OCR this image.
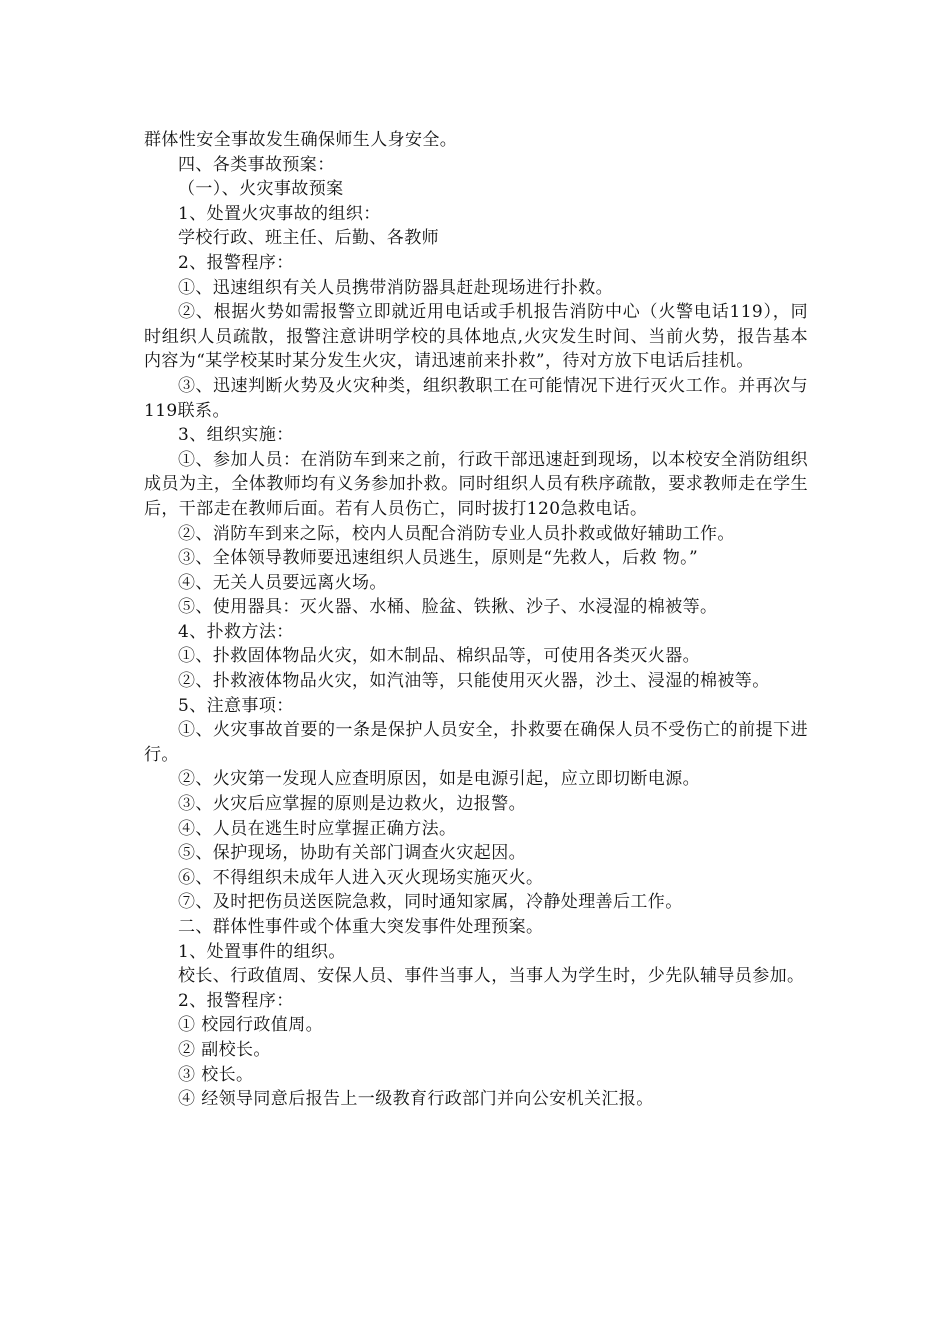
群体性安全事故发生确保师生人身安全。

四、各类事故预案：

（一）、火灾事故预案

1、处置火灾事故的组织：

学校行政、班主任、后勤、各教师

2、报警程序：

①、迅速组织有关人员携带消防器具赶赴现场进行扑救。

②、根据火势如需报警立即就近用电话或手机报告消防中心（火警电话119），同时组织人员疏散，报警注意讲明学校的具体地点,火灾发生时间、当前火势，报告基本内容为“某学校某时某分发生火灾，请迅速前来扑救”，待对方放下电话后挂机。

③、迅速判断火势及火灾种类，组织教职工在可能情况下进行灭火工作。并再次与119联系。

3、组织实施：

①、参加人员：在消防车到来之前，行政干部迅速赶到现场，以本校安全消防组织成员为主，全体教师均有义务参加扑救。同时组织人员有秩序疏散，要求教师走在学生后，干部走在教师后面。若有人员伤亡，同时拔打120急救电话。

②、消防车到来之际，校内人员配合消防专业人员扑救或做好辅助工作。

③、全体领导教师要迅速组织人员逃生，原则是“先救人，后救 物。”

④、无关人员要远离火场。

⑤、使用器具：灭火器、水桶、脸盆、铁揪、沙子、水浸湿的棉被等。

4、扑救方法：

①、扑救固体物品火灾，如木制品、棉织品等，可使用各类灭火器。

②、扑救液体物品火灾，如汽油等，只能使用灭火器，沙土、浸湿的棉被等。

5、注意事项：

①、火灾事故首要的一条是保护人员安全，扑救要在确保人员不受伤亡的前提下进行。

②、火灾第一发现人应查明原因，如是电源引起，应立即切断电源。

③、火灾后应掌握的原则是边救火，边报警。

④、人员在逃生时应掌握正确方法。

⑤、保护现场，协助有关部门调查火灾起因。

⑥、不得组织未成年人进入灭火现场实施灭火。

⑦、及时把伤员送医院急救，同时通知家属，冷静处理善后工作。

二、群体性事件或个体重大突发事件处理预案。

1、处置事件的组织。

校长、行政值周、安保人员、事件当事人，当事人为学生时，少先队辅导员参加。

2、报警程序：

① 校园行政值周。

② 副校长。

③ 校长。

④ 经领导同意后报告上一级教育行政部门并向公安机关汇报。
